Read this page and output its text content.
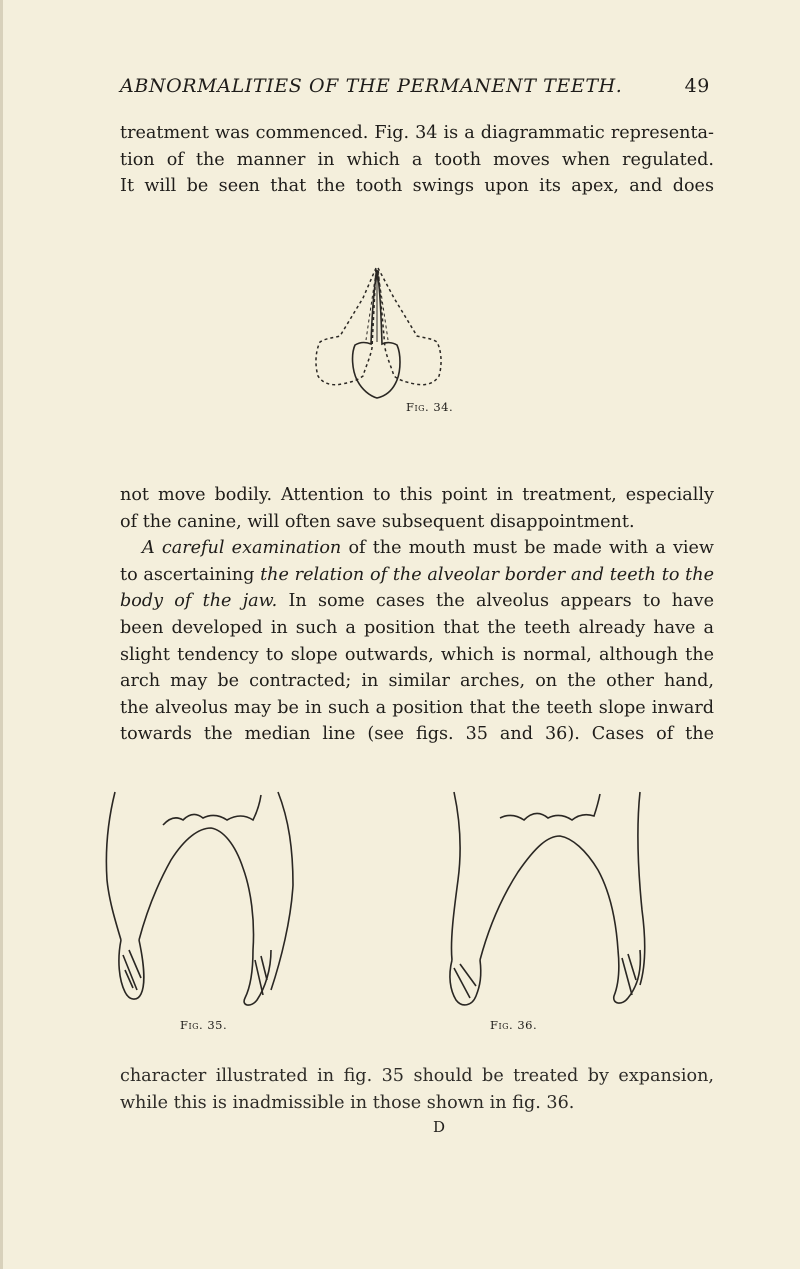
ABNORMALITIES OF THE PERMANENT TEETH.	49

treatment was commenced. Fig. 34 is a diagrammatic representa-
tion of the manner in which a tooth moves when regulated.
It will be seen that the tooth swings upon its apex, and does

Fig. 34.

not move bodily. Attention to this point in treatment, especially
of the canine, will often save subsequent disappointment.
A careful examination of the mouth must be made with a view
to ascertaining the relation of the alveolar border and teeth to the
body of the jaw. In some cases the alveolus appears to have
been developed in such a position that the teeth already have a
slight tendency to slope outwards, which is normal, although the
arch may be contracted; in similar arches, on the other hand,
the alveolus may be in such a position that the teeth slope inward
towards the median line (see figs. 35 and 36). Cases of the

Fig. 35.	Fig. 36.

character illustrated in fig. 35 should be treated by expansion,
while this is inadmissible in those shown in fig. 36.

D
